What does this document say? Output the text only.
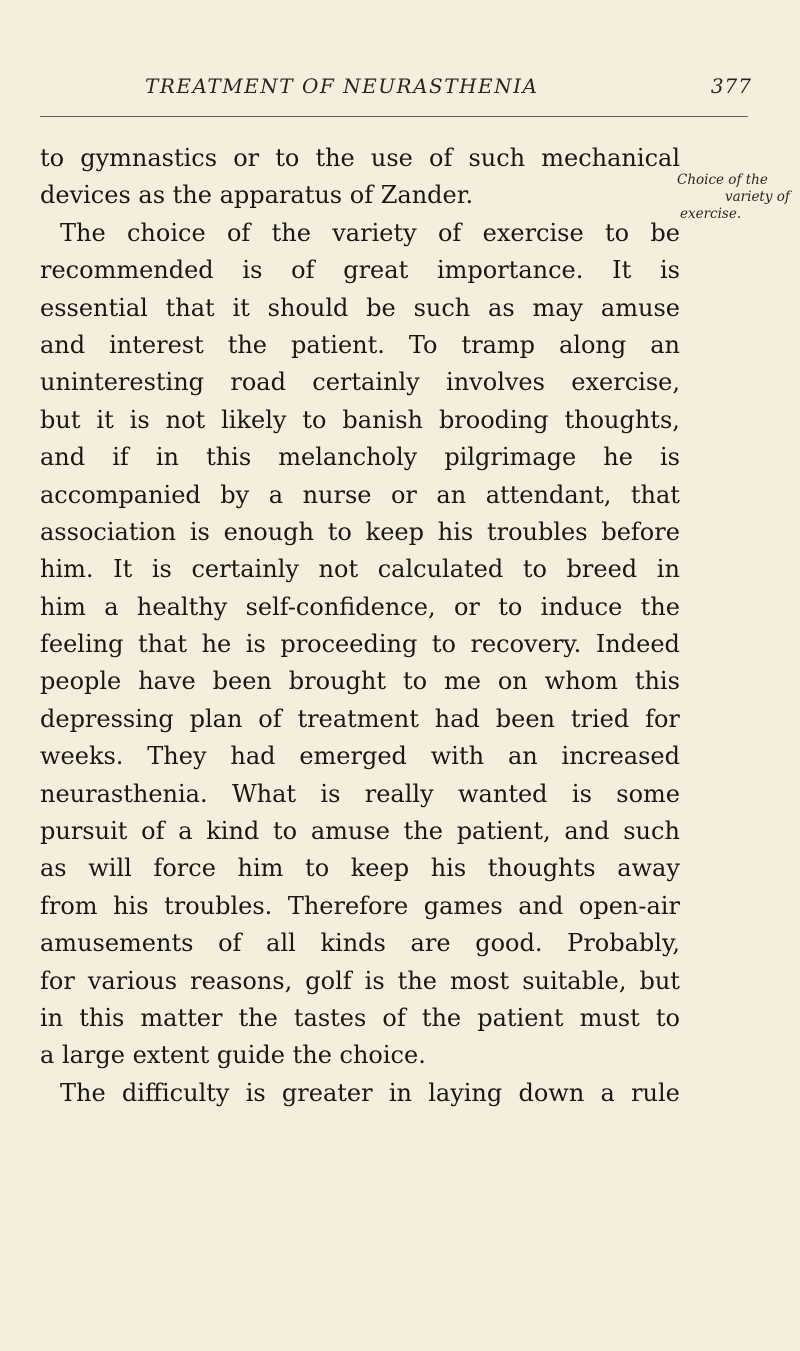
TREATMENT OF NEURASTHENIA	377
Choice of the
variety of
exercise.
to gymnastics or to the use of such mechanical
devices as the apparatus of Zander.
The choice of the variety of exercise to be
recommended is of great importance. It is
essential that it should be such as may amuse
and interest the patient. To tramp along an
uninteresting road certainly involves exercise,
but it is not likely to banish brooding thoughts,
and if in this melancholy pilgrimage he is
accompanied by a nurse or an attendant, that
association is enough to keep his troubles before
him. It is certainly not calculated to breed in
him a healthy self-confidence, or to induce the
feeling that he is proceeding to recovery. Indeed
people have been brought to me on whom this
depressing plan of treatment had been tried for
weeks. They had emerged with an increased
neurasthenia. What is really wanted is some
pursuit of a kind to amuse the patient, and such
as will force him to keep his thoughts away
from his troubles. Therefore games and open-air
amusements of all kinds are good. Probably,
for various reasons, golf is the most suitable, but
in this matter the tastes of the patient must to
a large extent guide the choice.
The difficulty is greater in laying down a rule
